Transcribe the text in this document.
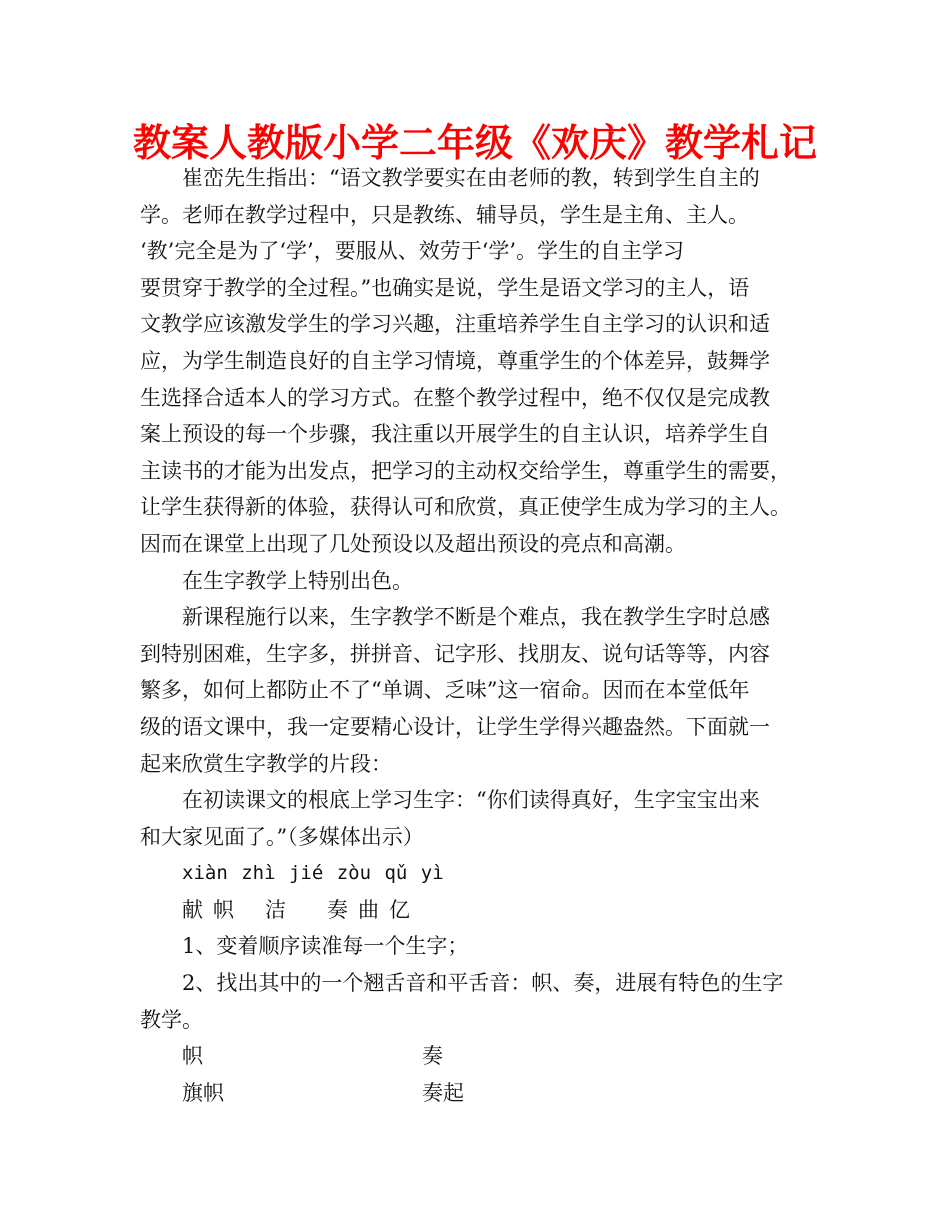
教案人教版小学二年级《欢庆》教学札记
崔峦先生指出：“语文教学要实在由老师的教，转到学生自主的
学。老师在教学过程中，只是教练、辅导员，学生是主角、主人。
‘教’完全是为了‘学’，要服从、效劳于‘学’。学生的自主学习
要贯穿于教学的全过程。”也确实是说，学生是语文学习的主人，语
文教学应该激发学生的学习兴趣，注重培养学生自主学习的认识和适
应，为学生制造良好的自主学习情境，尊重学生的个体差异，鼓舞学
生选择合适本人的学习方式。在整个教学过程中，绝不仅仅是完成教
案上预设的每一个步骤，我注重以开展学生的自主认识，培养学生自
主读书的才能为出发点，把学习的主动权交给学生，尊重学生的需要，
让学生获得新的体验，获得认可和欣赏，真正使学生成为学习的主人。
因而在课堂上出现了几处预设以及超出预设的亮点和高潮。
在生字教学上特别出色。
新课程施行以来，生字教学不断是个难点，我在教学生字时总感
到特别困难，生字多，拼拼音、记字形、找朋友、说句话等等，内容
繁多，如何上都防止不了“单调、乏味”这一宿命。因而在本堂低年
级的语文课中，我一定要精心设计，让学生学得兴趣盎然。下面就一
起来欣赏生字教学的片段：
在初读课文的根底上学习生字：“你们读得真好，生字宝宝出来
和大家见面了。”（多媒体出示）
xiàn zhì jié zòu qǔ yì
献 帜 洁 奏 曲 亿
1、变着顺序读准每一个生字；
2、找出其中的一个翘舌音和平舌音：帜、奏，进展有特色的生字
教学。
帜	奏
旗帜	奏起
